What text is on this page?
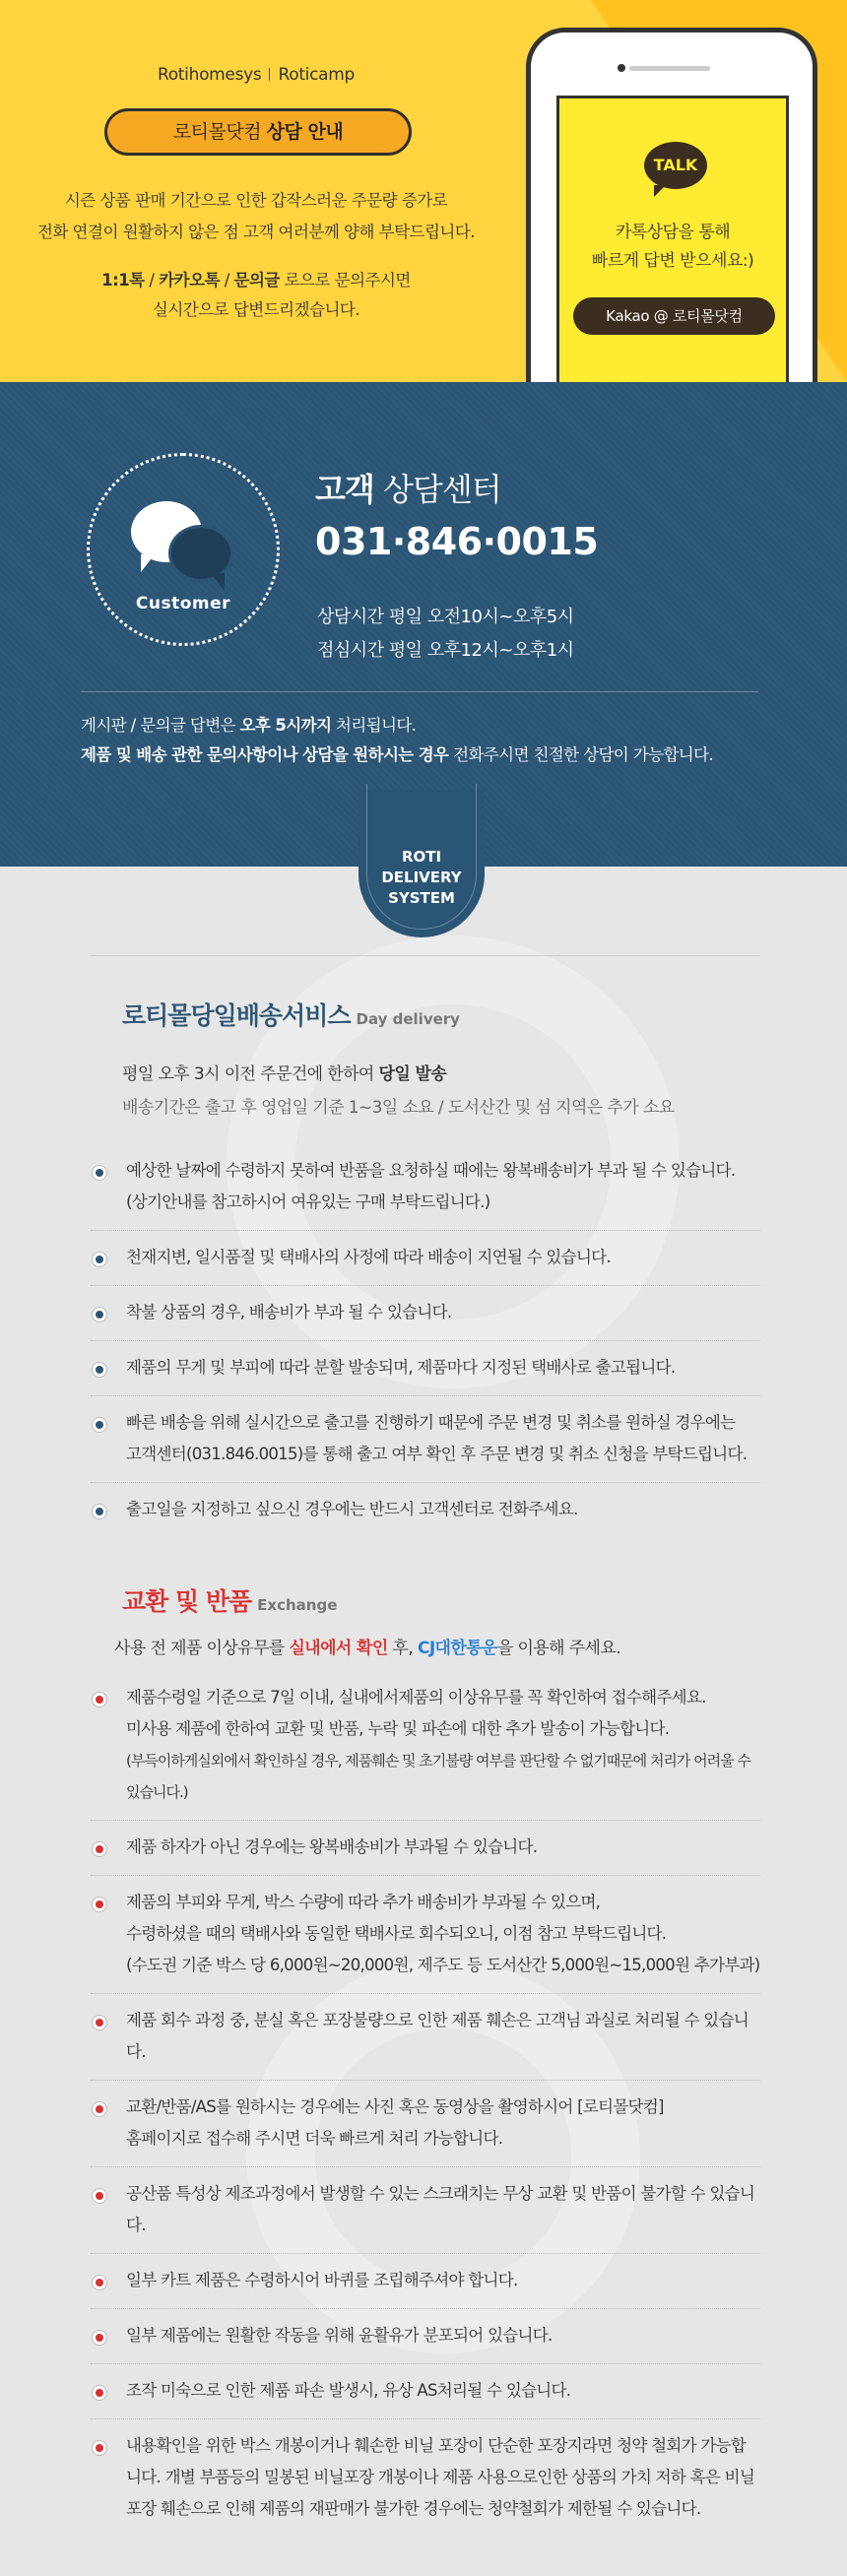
Rotihomesys Roticamp
로티몰닷컴 상담 안내
시즌 상품 판매 기간으로 인한 갑작스러운 주문량 증가로
전화 연결이 원활하지 않은 점 고객 여러분께 양해 부탁드립니다.
1:1톡 / 카카오톡 / 문의글 로으로 문의주시면
실시간으로 답변드리겠습니다.
TALK
카톡상담을 통해
빠르게 답변 받으세요:)
Kakao @ 로티몰닷컴
Customer
고객 상담센터
031·846·0015
상담시간 평일 오전10시~오후5시
점심시간 평일 오후12시~오후1시
게시판 / 문의글 답변은 오후 5시까지 처리됩니다.
제품 및 배송 관한 문의사항이나 상담을 원하시는 경우 전화주시면 친절한 상담이 가능합니다.
ROTI
DELIVERY
SYSTEM
로티몰당일배송서비스 Day delivery
평일 오후 3시 이전 주문건에 한하여 당일 발송
배송기간은 출고 후 영업일 기준 1~3일 소요 / 도서산간 및 섬 지역은 추가 소요
예상한 날짜에 수령하지 못하여 반품을 요청하실 때에는 왕복배송비가 부과 될 수 있습니다.
(상기안내를 참고하시어 여유있는 구매 부탁드립니다.)
천재지변, 일시품절 및 택배사의 사정에 따라 배송이 지연될 수 있습니다.
착불 상품의 경우, 배송비가 부과 될 수 있습니다.
제품의 무게 및 부피에 따라 분할 발송되며, 제품마다 지정된 택배사로 출고됩니다.
빠른 배송을 위해 실시간으로 출고를 진행하기 때문에 주문 변경 및 취소를 원하실 경우에는
고객센터(031.846.0015)를 통해 출고 여부 확인 후 주문 변경 및 취소 신청을 부탁드립니다.
출고일을 지정하고 싶으신 경우에는 반드시 고객센터로 전화주세요.
교환 및 반품 Exchange
사용 전 제품 이상유무를 실내에서 확인 후, CJ대한통운을 이용해 주세요.
제품수령일 기준으로 7일 이내, 실내에서제품의 이상유무를 꼭 확인하여 접수해주세요.
미사용 제품에 한하여 교환 및 반품, 누락 및 파손에 대한 추가 발송이 가능합니다.
(부득이하게실외에서 확인하실 경우, 제품훼손 및 초기불량 여부를 판단할 수 없기때문에 처리가 어려울 수 있습니다.)
제품 하자가 아닌 경우에는 왕복배송비가 부과될 수 있습니다.
제품의 부피와 무게, 박스 수량에 따라 추가 배송비가 부과될 수 있으며,
수령하셨을 때의 택배사와 동일한 택배사로 회수되오니, 이점 참고 부탁드립니다.
(수도권 기준 박스 당 6,000원~20,000원, 제주도 등 도서산간 5,000원~15,000원 추가부과)
제품 회수 과정 중, 분실 혹은 포장불량으로 인한 제품 훼손은 고객님 과실로 처리될 수 있습니다.
교환/반품/AS를 원하시는 경우에는 사진 혹은 동영상을 촬영하시어 [로티몰닷컴]
홈페이지로 접수해 주시면 더욱 빠르게 처리 가능합니다.
공산품 특성상 제조과정에서 발생할 수 있는 스크래치는 무상 교환 및 반품이 불가할 수 있습니다.
일부 카트 제품은 수령하시어 바퀴를 조립해주셔야 합니다.
일부 제품에는 원활한 작동을 위해 윤활유가 분포되어 있습니다.
조작 미숙으로 인한 제품 파손 발생시, 유상 AS처리될 수 있습니다.
내용확인을 위한 박스 개봉이거나 훼손한 비닐 포장이 단순한 포장지라면 청약 철회가 가능합
니다. 개별 부품등의 밀봉된 비닐포장 개봉이나 제품 사용으로인한 상품의 가치 저하 혹은 비닐
포장 훼손으로 인해 제품의 재판매가 불가한 경우에는 청약철회가 제한될 수 있습니다.
